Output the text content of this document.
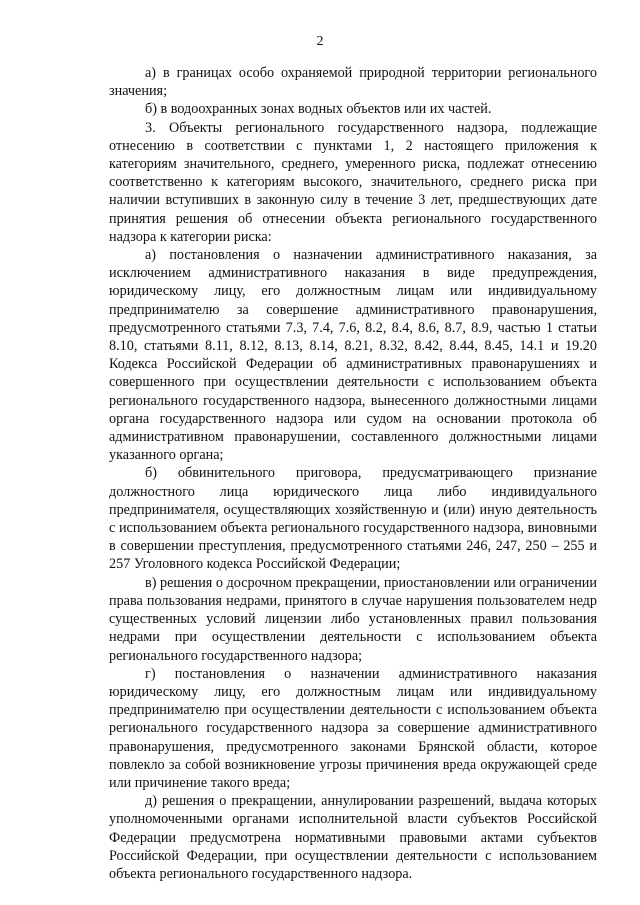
2

а) в границах особо охраняемой природной территории регионального значения;

б) в водоохранных зонах водных объектов или их частей.

3. Объекты регионального государственного надзора, подлежащие отнесению в соответствии с пунктами 1, 2 настоящего приложения к категориям значительного, среднего, умеренного риска, подлежат отнесению соответственно к категориям высокого, значительного, среднего риска при наличии вступивших в законную силу в течение 3 лет, предшествующих дате принятия решения об отнесении объекта регионального государственного надзора к категории риска:

а) постановления о назначении административного наказания, за исключением административного наказания в виде предупреждения, юридическому лицу, его должностным лицам или индивидуальному предпринимателю за совершение административного правонарушения, предусмотренного статьями 7.3, 7.4, 7.6, 8.2, 8.4, 8.6, 8.7, 8.9, частью 1 статьи 8.10, статьями 8.11, 8.12, 8.13, 8.14, 8.21, 8.32, 8.42, 8.44, 8.45, 14.1 и 19.20 Кодекса Российской Федерации об административных правонарушениях и совершенного при осуществлении деятельности с использованием объекта регионального государственного надзора, вынесенного должностными лицами органа государственного надзора или судом на основании протокола об административном правонарушении, составленного должностными лицами указанного органа;

б) обвинительного приговора, предусматривающего признание должностного лица юридического лица либо индивидуального предпринимателя, осуществляющих хозяйственную и (или) иную деятельность с использованием объекта регионального государственного надзора, виновными в совершении преступления, предусмотренного статьями 246, 247, 250 – 255 и 257 Уголовного кодекса Российской Федерации;

в) решения о досрочном прекращении, приостановлении или ограничении права пользования недрами, принятого в случае нарушения пользователем недр существенных условий лицензии либо установленных правил пользования недрами при осуществлении деятельности с использованием объекта регионального государственного надзора;

г) постановления о назначении административного наказания юридическому лицу, его должностным лицам или индивидуальному предпринимателю при осуществлении деятельности с использованием объекта регионального государственного надзора за совершение административного правонарушения, предусмотренного законами Брянской области, которое повлекло за собой возникновение угрозы причинения вреда окружающей среде или причинение такого вреда;

д) решения о прекращении, аннулировании разрешений, выдача которых уполномоченными органами исполнительной власти субъектов Российской Федерации предусмотрена нормативными правовыми актами субъектов Российской Федерации, при осуществлении деятельности с использованием объекта регионального государственного надзора.
